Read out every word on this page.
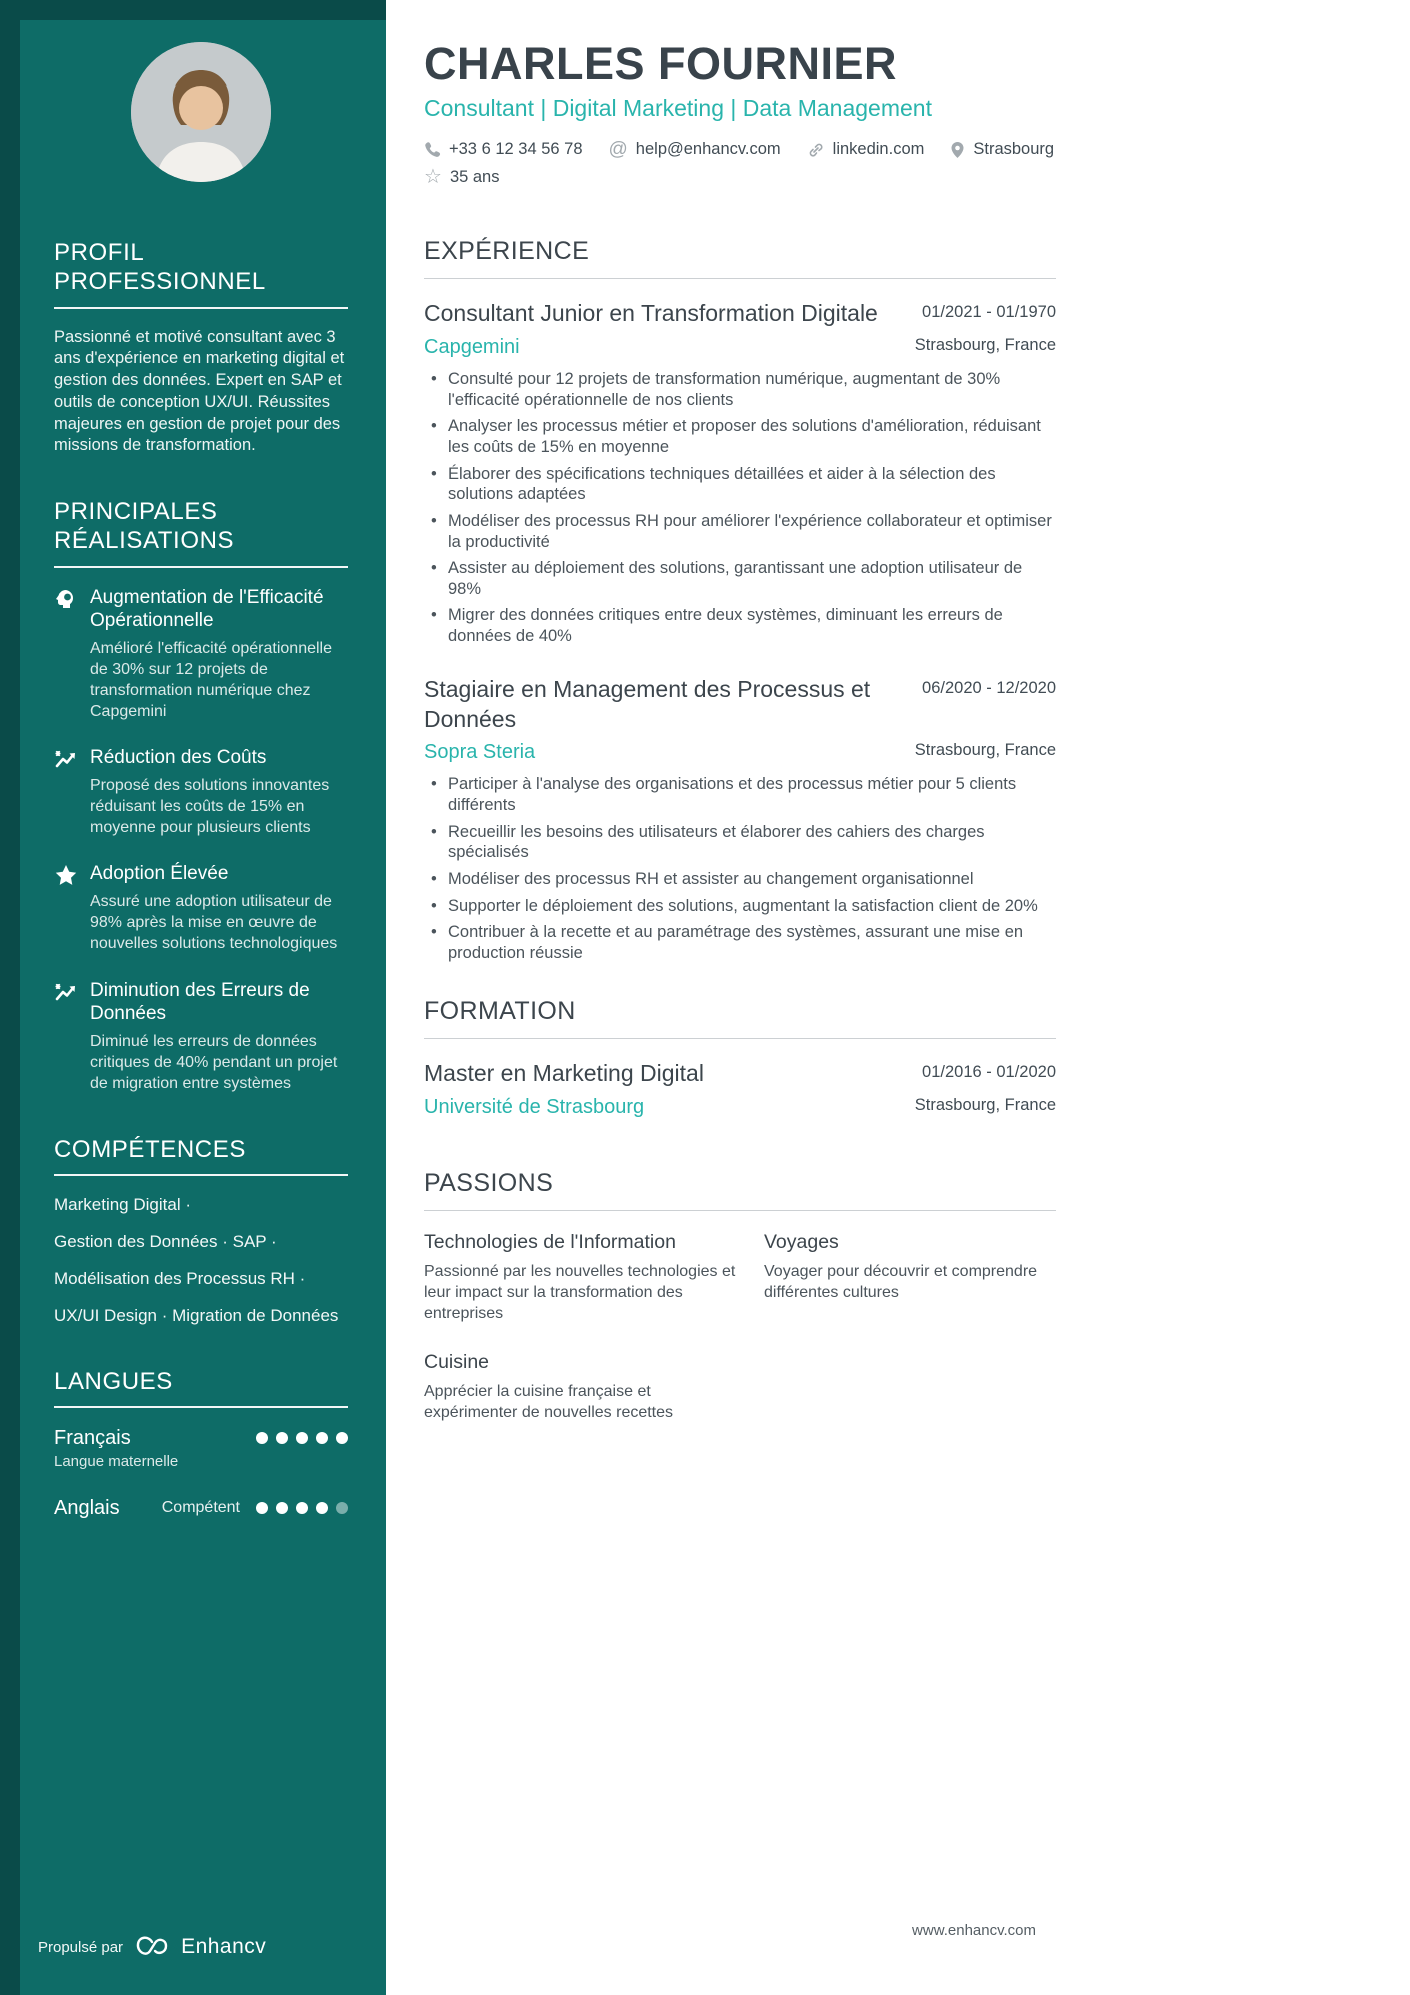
PROFIL PROFESSIONNEL
Passionné et motivé consultant avec 3 ans d'expérience en marketing digital et gestion des données. Expert en SAP et outils de conception UX/UI. Réussites majeures en gestion de projet pour des missions de transformation.
PRINCIPALES RÉALISATIONS
Augmentation de l'Efficacité Opérationnelle
Amélioré l'efficacité opérationnelle de 30% sur 12 projets de transformation numérique chez Capgemini
Réduction des Coûts
Proposé des solutions innovantes réduisant les coûts de 15% en moyenne pour plusieurs clients
Adoption Élevée
Assuré une adoption utilisateur de 98% après la mise en œuvre de nouvelles solutions technologiques
Diminution des Erreurs de Données
Diminué les erreurs de données critiques de 40% pendant un projet de migration entre systèmes
COMPÉTENCES
Marketing Digital ·
Gestion des Données · SAP ·
Modélisation des Processus RH ·
UX/UI Design · Migration de Données
LANGUES
Français
Langue maternelle
Anglais	Compétent
Propulsé par	Enhancv
CHARLES FOURNIER
Consultant | Digital Marketing | Data Management
+33 6 12 34 56 78 @ help@enhancv.com	linkedin.com	Strasbourg
☆ 35 ans
EXPÉRIENCE
Consultant Junior en Transformation Digitale	01/2021 - 01/1970
Capgemini	Strasbourg, France
• Consulté pour 12 projets de transformation numérique, augmentant de 30% l'efficacité opérationnelle de nos clients
• Analyser les processus métier et proposer des solutions d'amélioration, réduisant les coûts de 15% en moyenne
• Élaborer des spécifications techniques détaillées et aider à la sélection des solutions adaptées
• Modéliser des processus RH pour améliorer l'expérience collaborateur et optimiser la productivité
• Assister au déploiement des solutions, garantissant une adoption utilisateur de 98%
• Migrer des données critiques entre deux systèmes, diminuant les erreurs de données de 40%
Stagiaire en Management des Processus et Données
06/2020 - 12/2020
Sopra Steria	Strasbourg, France
• Participer à l'analyse des organisations et des processus métier pour 5 clients différents
• Recueillir les besoins des utilisateurs et élaborer des cahiers des charges spécialisés
• Modéliser des processus RH et assister au changement organisationnel
• Supporter le déploiement des solutions, augmentant la satisfaction client de 20%
• Contribuer à la recette et au paramétrage des systèmes, assurant une mise en production réussie
FORMATION
Master en Marketing Digital	01/2016 - 01/2020
Université de Strasbourg	Strasbourg, France
PASSIONS
Technologies de l'Information
Passionné par les nouvelles technologies et leur impact sur la transformation des entreprises
Cuisine
Apprécier la cuisine française et expérimenter de nouvelles recettes
Voyages
Voyager pour découvrir et comprendre différentes cultures
www.enhancv.com
